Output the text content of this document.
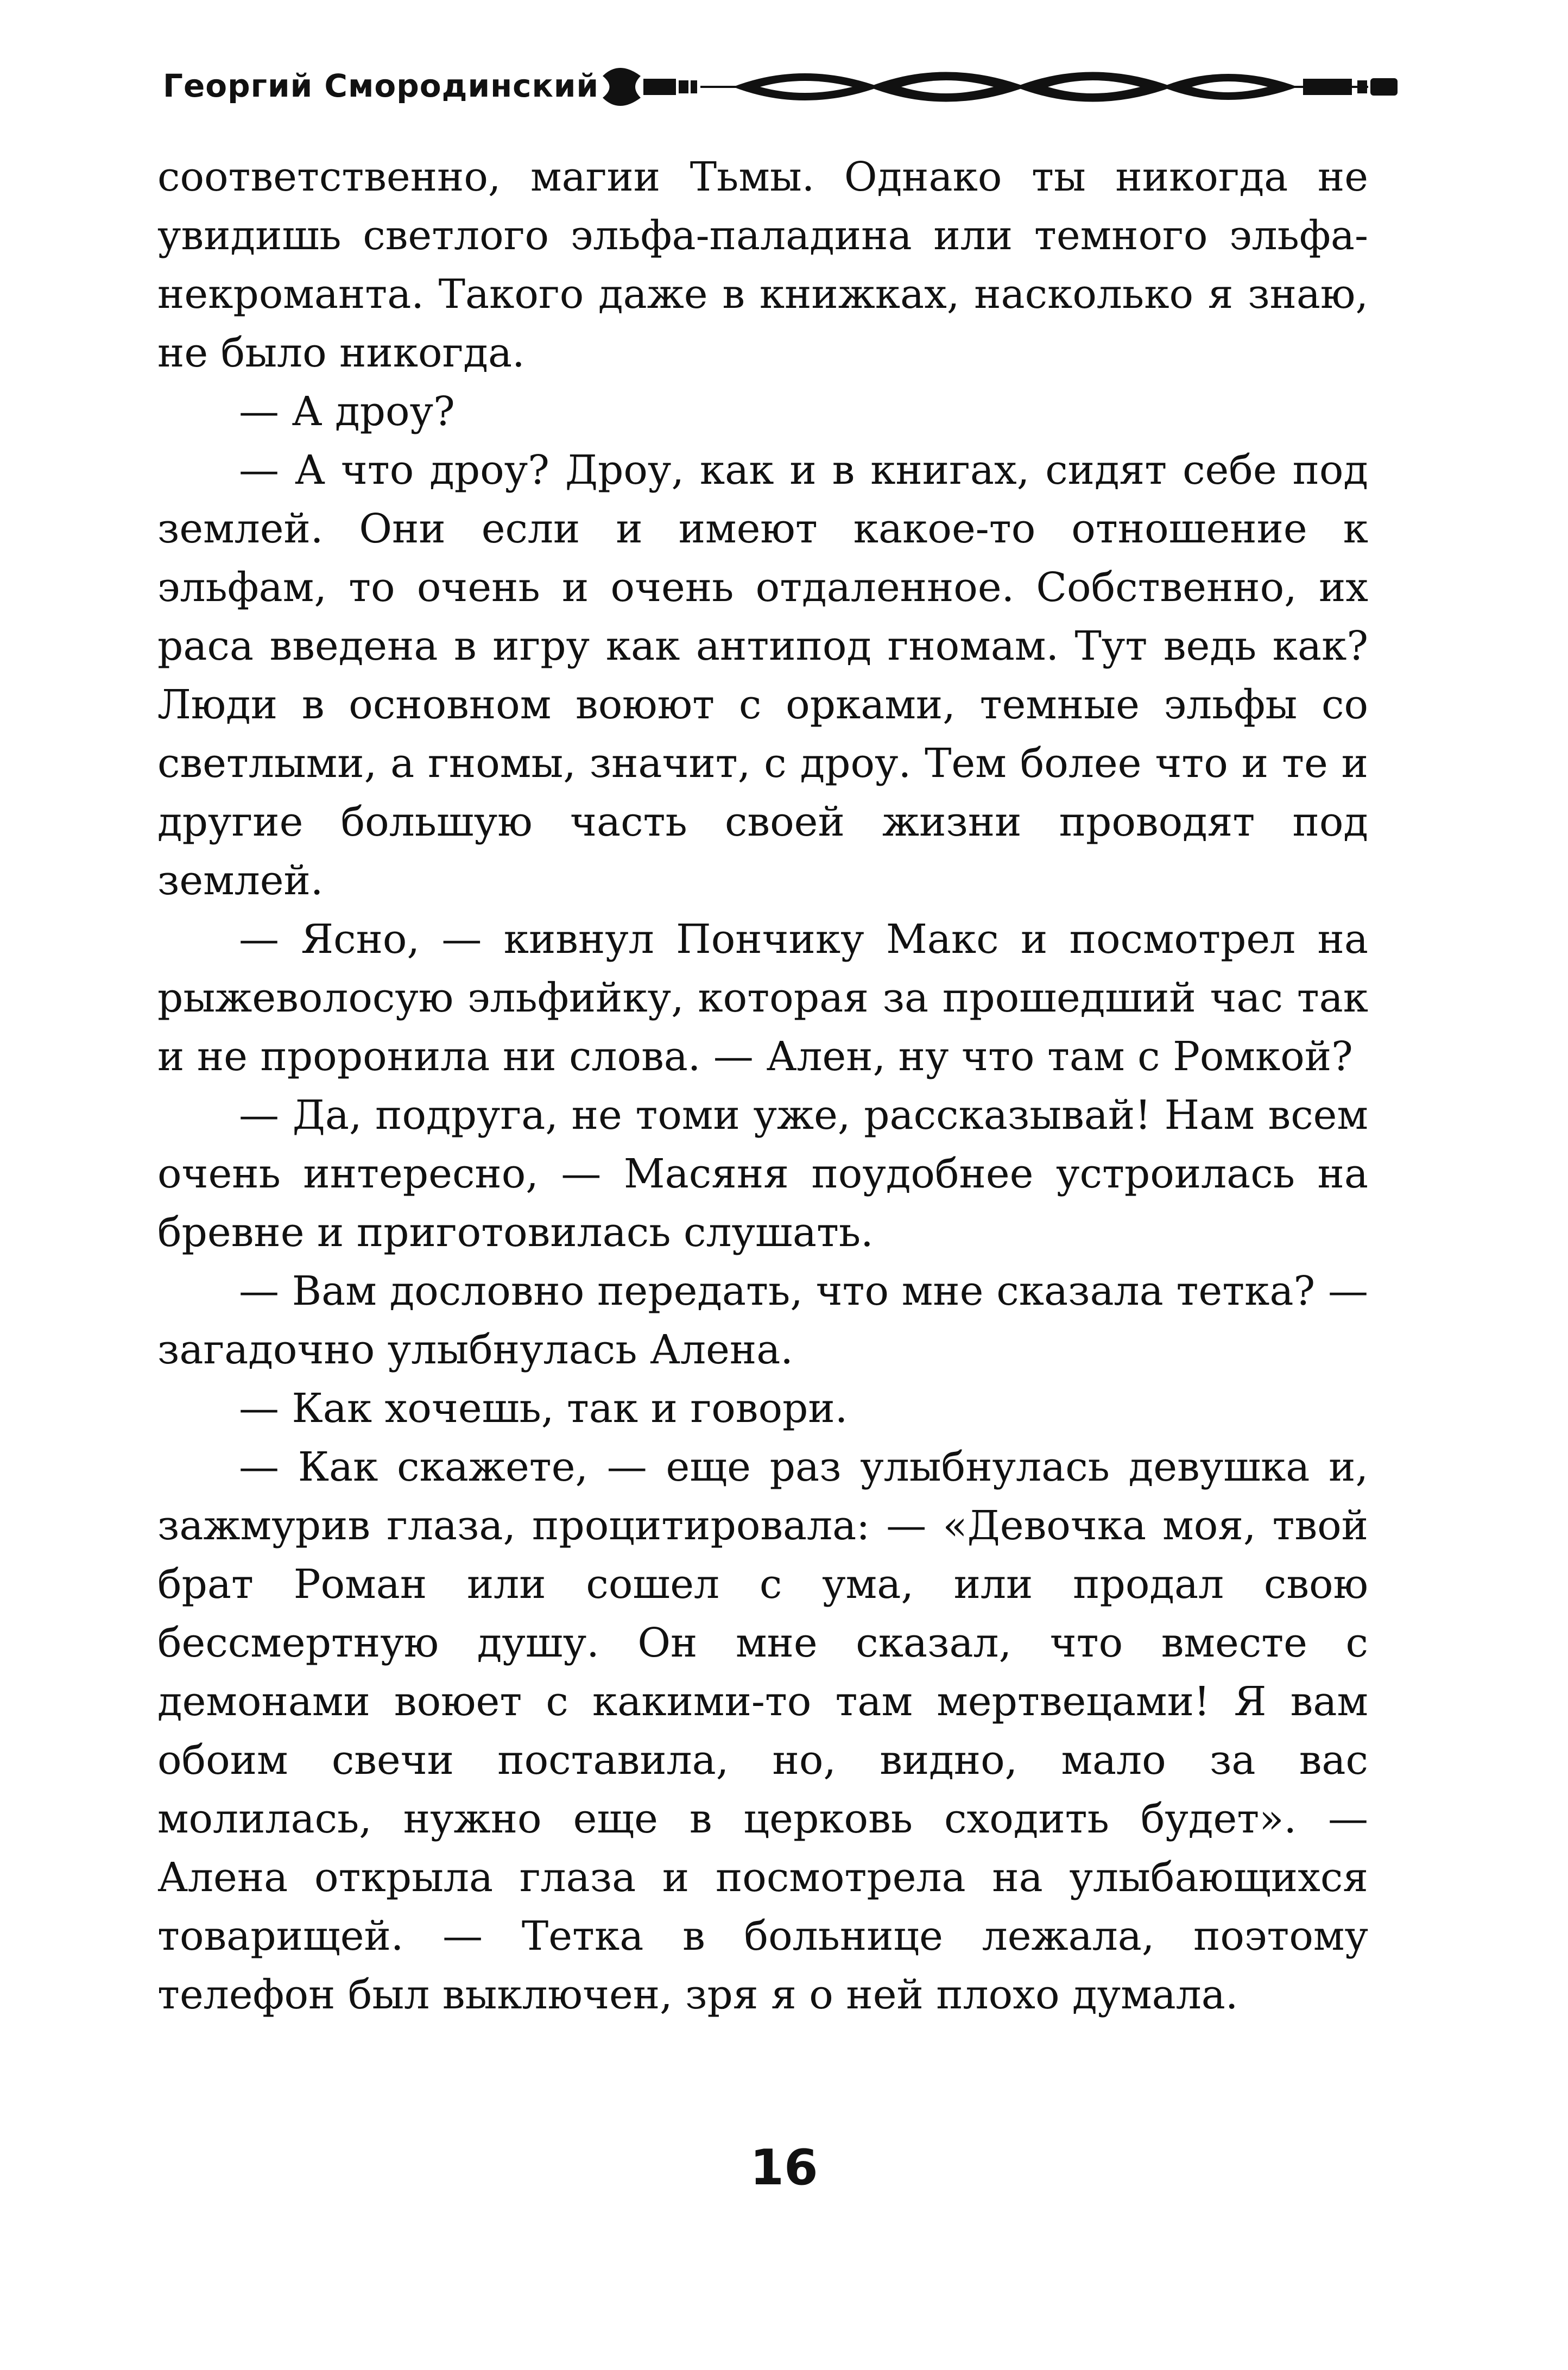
Георгий Смородинский

соответственно, магии Тьмы. Однако ты никогда не увидишь светлого эльфа-паладина или темного эльфа-некроманта. Такого даже в книжках, насколько я знаю, не было никогда.

— А дроу?

— А что дроу? Дроу, как и в книгах, сидят себе под землей. Они если и имеют какое-то отношение к эльфам, то очень и очень отдаленное. Собственно, их раса введена в игру как антипод гномам. Тут ведь как? Люди в основном воюют с орками, темные эльфы со светлыми, а гномы, значит, с дроу. Тем более что и те и другие большую часть своей жизни проводят под землей.

— Ясно, — кивнул Пончику Макс и посмотрел на рыжеволосую эльфийку, которая за прошедший час так и не проронила ни слова. — Ален, ну что там с Ромкой?

— Да, подруга, не томи уже, рассказывай! Нам всем очень интересно, — Масяня поудобнее устроилась на бревне и приготовилась слушать.

— Вам дословно передать, что мне сказала тетка? — загадочно улыбнулась Алена.

— Как хочешь, так и говори.

— Как скажете, — еще раз улыбнулась девушка и, зажмурив глаза, процитировала: — «Девочка моя, твой брат Роман или сошел с ума, или продал свою бессмертную душу. Он мне сказал, что вместе с демонами воюет с какими-то там мертвецами! Я вам обоим свечи поставила, но, видно, мало за вас молилась, нужно еще в церковь сходить будет». — Алена открыла глаза и посмотрела на улыбающихся товарищей. — Тетка в больнице лежала, поэтому телефон был выключен, зря я о ней плохо думала.

16
